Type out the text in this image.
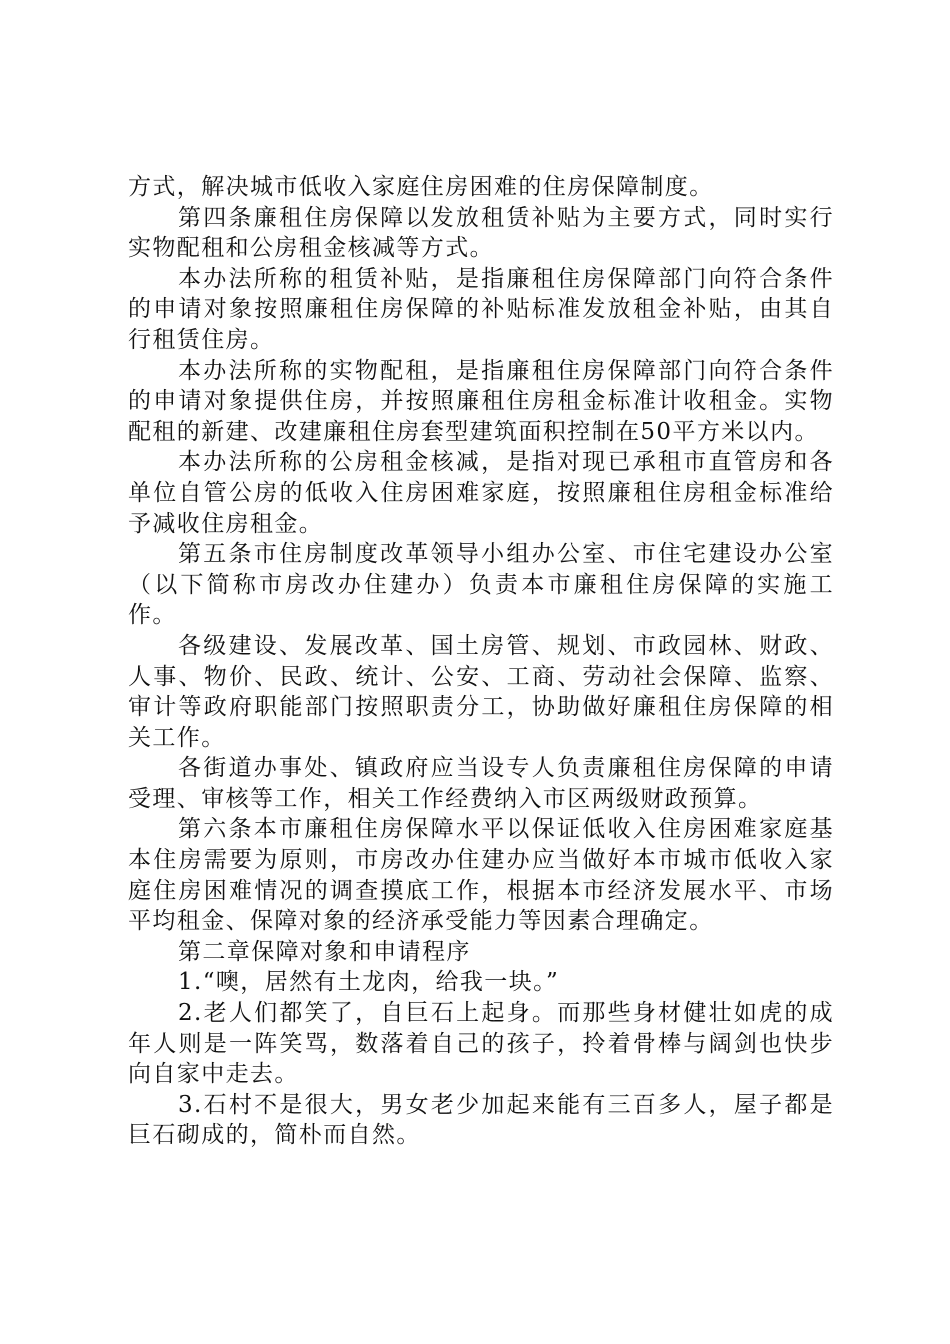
方式，解决城市低收入家庭住房困难的住房保障制度。

第四条廉租住房保障以发放租赁补贴为主要方式，同时实行实物配租和公房租金核减等方式。

本办法所称的租赁补贴，是指廉租住房保障部门向符合条件的申请对象按照廉租住房保障的补贴标准发放租金补贴，由其自行租赁住房。

本办法所称的实物配租，是指廉租住房保障部门向符合条件的申请对象提供住房，并按照廉租住房租金标准计收租金。实物配租的新建、改建廉租住房套型建筑面积控制在50平方米以内。

本办法所称的公房租金核减，是指对现已承租市直管房和各单位自管公房的低收入住房困难家庭，按照廉租住房租金标准给予减收住房租金。

第五条市住房制度改革领导小组办公室、市住宅建设办公室（以下简称市房改办住建办）负责本市廉租住房保障的实施工作。

各级建设、发展改革、国土房管、规划、市政园林、财政、人事、物价、民政、统计、公安、工商、劳动社会保障、监察、审计等政府职能部门按照职责分工，协助做好廉租住房保障的相关工作。

各街道办事处、镇政府应当设专人负责廉租住房保障的申请受理、审核等工作，相关工作经费纳入市区两级财政预算。

第六条本市廉租住房保障水平以保证低收入住房困难家庭基本住房需要为原则，市房改办住建办应当做好本市城市低收入家庭住房困难情况的调查摸底工作，根据本市经济发展水平、市场平均租金、保障对象的经济承受能力等因素合理确定。

第二章保障对象和申请程序

1.“噢，居然有土龙肉，给我一块。”

2.老人们都笑了，自巨石上起身。而那些身材健壮如虎的成年人则是一阵笑骂，数落着自己的孩子，拎着骨棒与阔剑也快步向自家中走去。

3.石村不是很大，男女老少加起来能有三百多人，屋子都是巨石砌成的，简朴而自然。
